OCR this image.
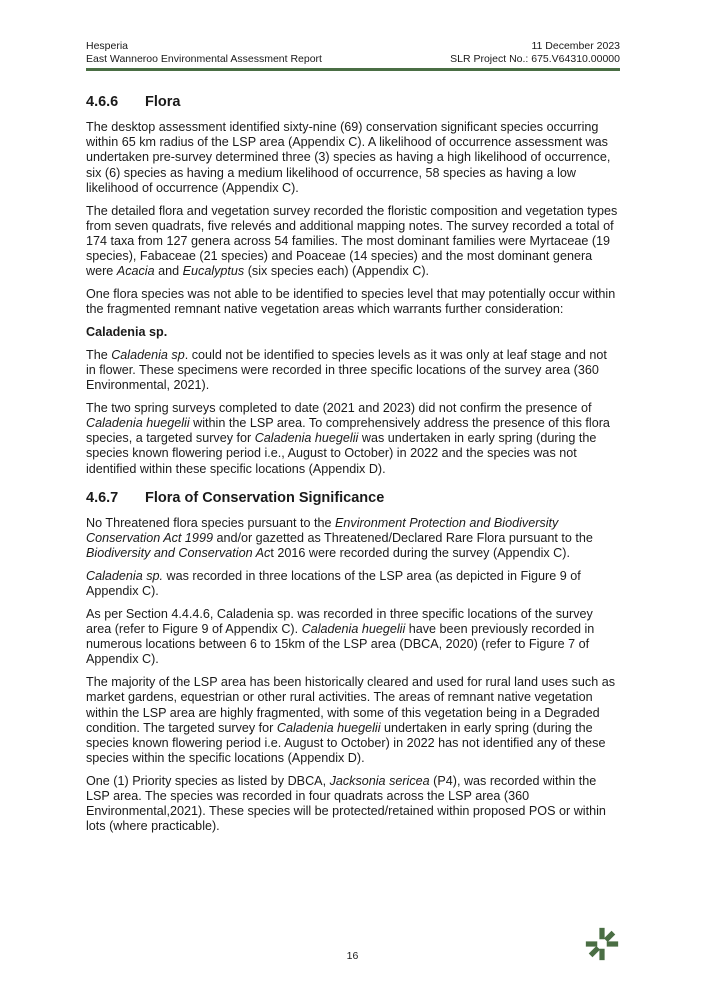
Hesperia	11 December 2023
East Wanneroo Environmental Assessment Report	SLR Project No.: 675.V64310.00000
4.6.6	Flora

The desktop assessment identified sixty-nine (69) conservation significant species occurring within 65 km radius of the LSP area (Appendix C). A likelihood of occurrence assessment was undertaken pre-survey determined three (3) species as having a high likelihood of occurrence, six (6) species as having a medium likelihood of occurrence, 58 species as having a low likelihood of occurrence (Appendix C).

The detailed flora and vegetation survey recorded the floristic composition and vegetation types from seven quadrats, five relevés and additional mapping notes. The survey recorded a total of 174 taxa from 127 genera across 54 families. The most dominant families were Myrtaceae (19 species), Fabaceae (21 species) and Poaceae (14 species) and the most dominant genera were Acacia and Eucalyptus (six species each) (Appendix C).

One flora species was not able to be identified to species level that may potentially occur within the fragmented remnant native vegetation areas which warrants further consideration:

Caladenia sp.

The Caladenia sp. could not be identified to species levels as it was only at leaf stage and not in flower. These specimens were recorded in three specific locations of the survey area (360 Environmental, 2021).

The two spring surveys completed to date (2021 and 2023) did not confirm the presence of Caladenia huegelii within the LSP area. To comprehensively address the presence of this flora species, a targeted survey for Caladenia huegelii was undertaken in early spring (during the species known flowering period i.e., August to October) in 2022 and the species was not identified within these specific locations (Appendix D).

4.6.7	Flora of Conservation Significance

No Threatened flora species pursuant to the Environment Protection and Biodiversity Conservation Act 1999 and/or gazetted as Threatened/Declared Rare Flora pursuant to the Biodiversity and Conservation Act 2016 were recorded during the survey (Appendix C).

Caladenia sp. was recorded in three locations of the LSP area (as depicted in Figure 9 of Appendix C).

As per Section 4.4.4.6, Caladenia sp. was recorded in three specific locations of the survey area (refer to Figure 9 of Appendix C). Caladenia huegelii have been previously recorded in numerous locations between 6 to 15km of the LSP area (DBCA, 2020) (refer to Figure 7 of Appendix C).

The majority of the LSP area has been historically cleared and used for rural land uses such as market gardens, equestrian or other rural activities. The areas of remnant native vegetation within the LSP area are highly fragmented, with some of this vegetation being in a Degraded condition. The targeted survey for Caladenia huegelii undertaken in early spring (during the species known flowering period i.e. August to October) in 2022 has not identified any of these species within the specific locations (Appendix D).

One (1) Priority species as listed by DBCA, Jacksonia sericea (P4), was recorded within the LSP area. The species was recorded in four quadrats across the LSP area (360 Environmental,2021). These species will be protected/retained within proposed POS or within lots (where practicable).

16
